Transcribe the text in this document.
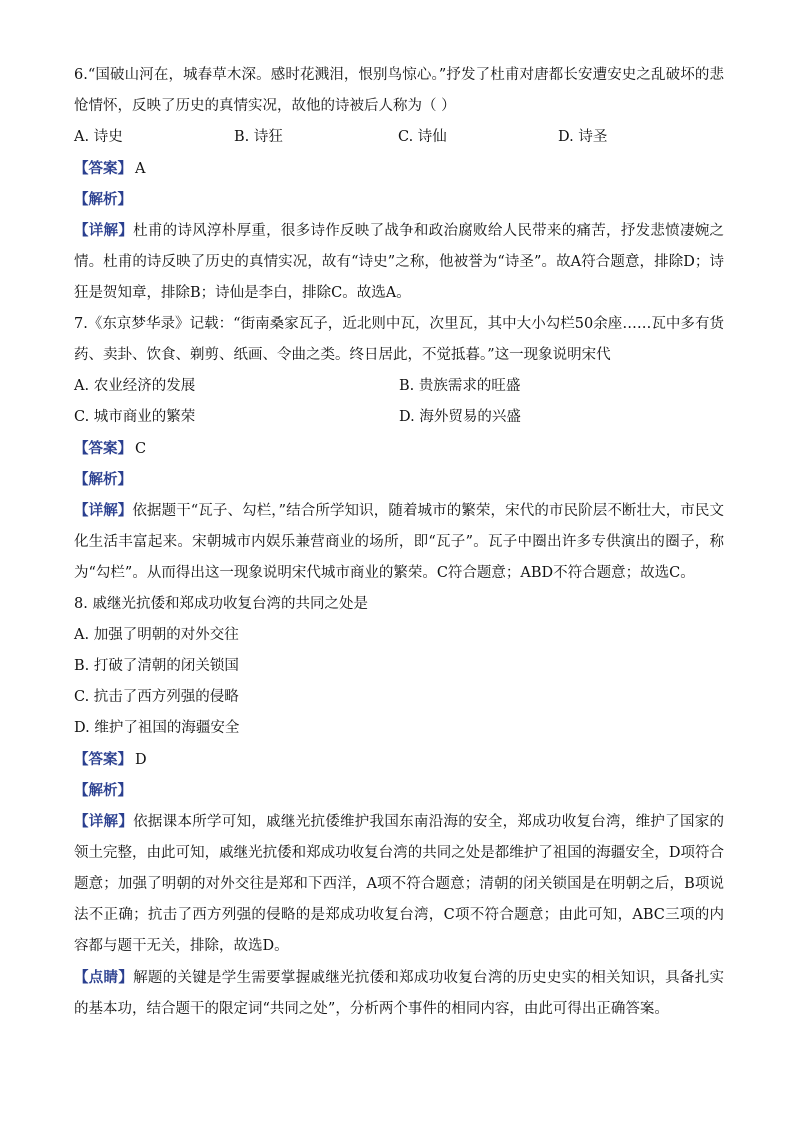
6.“国破山河在，城春草木深。感时花溅泪，恨别鸟惊心。”抒发了杜甫对唐都长安遭安史之乱破坏的悲怆情怀，反映了历史的真情实况，故他的诗被后人称为（ ）
A. 诗史	B. 诗狂	C. 诗仙	D. 诗圣
【答案】 A
【解析】
【详解】杜甫的诗风淳朴厚重，很多诗作反映了战争和政治腐败给人民带来的痛苦，抒发悲愤凄婉之情。杜甫的诗反映了历史的真情实况，故有“诗史”之称，他被誉为“诗圣”。故A符合题意，排除D；诗狂是贺知章，排除B；诗仙是李白，排除C。故选A。
7.《东京梦华录》记载：“街南桑家瓦子，近北则中瓦，次里瓦，其中大小勾栏50余座……瓦中多有货药、卖卦、饮食、剃剪、纸画、令曲之类。终日居此，不觉抵暮。”这一现象说明宋代
A. 农业经济的发展	B. 贵族需求的旺盛
C. 城市商业的繁荣	D. 海外贸易的兴盛
【答案】 C
【解析】
【详解】依据题干“瓦子、勾栏，”结合所学知识，随着城市的繁荣，宋代的市民阶层不断壮大，市民文化生活丰富起来。宋朝城市内娱乐兼营商业的场所，即“瓦子”。瓦子中圈出许多专供演出的圈子，称为“勾栏”。从而得出这一现象说明宋代城市商业的繁荣。C符合题意；ABD不符合题意；故选C。
8. 戚继光抗倭和郑成功收复台湾的共同之处是
A. 加强了明朝的对外交往
B. 打破了清朝的闭关锁国
C. 抗击了西方列强的侵略
D. 维护了祖国的海疆安全
【答案】 D
【解析】
【详解】依据课本所学可知，戚继光抗倭维护我国东南沿海的安全，郑成功收复台湾，维护了国家的领土完整，由此可知，戚继光抗倭和郑成功收复台湾的共同之处是都维护了祖国的海疆安全，D项符合题意；加强了明朝的对外交往是郑和下西洋，A项不符合题意；清朝的闭关锁国是在明朝之后，B项说法不正确；抗击了西方列强的侵略的是郑成功收复台湾，C项不符合题意；由此可知，ABC三项的内容都与题干无关，排除，故选D。
【点睛】解题的关键是学生需要掌握戚继光抗倭和郑成功收复台湾的历史史实的相关知识，具备扎实的基本功，结合题干的限定词“共同之处”，分析两个事件的相同内容，由此可得出正确答案。
